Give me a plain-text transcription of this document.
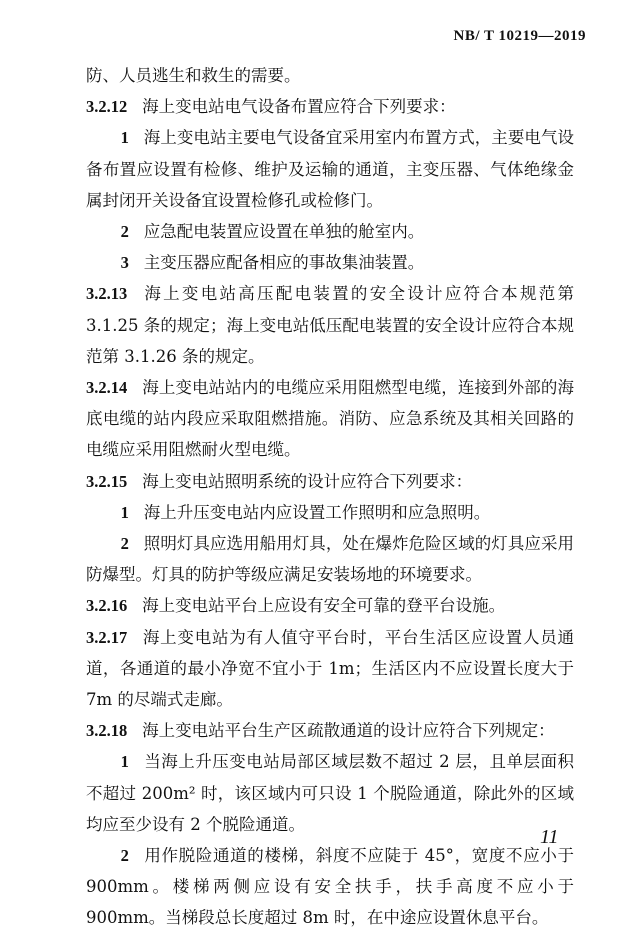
NB/ T 10219—2019

防、人员逃生和救生的需要。

3.2.12 海上变电站电气设备布置应符合下列要求：

1 海上变电站主要电气设备宜采用室内布置方式，主要电气设备布置应设置有检修、维护及运输的通道，主变压器、气体绝缘金属封闭开关设备宜设置检修孔或检修门。

2 应急配电装置应设置在单独的舱室内。

3 主变压器应配备相应的事故集油装置。

3.2.13 海上变电站高压配电装置的安全设计应符合本规范第 3.1.25 条的规定；海上变电站低压配电装置的安全设计应符合本规范第 3.1.26 条的规定。

3.2.14 海上变电站站内的电缆应采用阻燃型电缆，连接到外部的海底电缆的站内段应采取阻燃措施。消防、应急系统及其相关回路的电缆应采用阻燃耐火型电缆。

3.2.15 海上变电站照明系统的设计应符合下列要求：

1 海上升压变电站内应设置工作照明和应急照明。

2 照明灯具应选用船用灯具，处在爆炸危险区域的灯具应采用防爆型。灯具的防护等级应满足安装场地的环境要求。

3.2.16 海上变电站平台上应设有安全可靠的登平台设施。

3.2.17 海上变电站为有人值守平台时，平台生活区应设置人员通道，各通道的最小净宽不宜小于 1m；生活区内不应设置长度大于 7m 的尽端式走廊。

3.2.18 海上变电站平台生产区疏散通道的设计应符合下列规定：

1 当海上升压变电站局部区域层数不超过 2 层，且单层面积不超过 200m² 时，该区域内可只设 1 个脱险通道，除此外的区域均应至少设有 2 个脱险通道。

2 用作脱险通道的楼梯，斜度不应陡于 45°，宽度不应小于 900mm。楼梯两侧应设有安全扶手，扶手高度不应小于 900mm。当梯段总长度超过 8m 时，在中途应设置休息平台。

11
